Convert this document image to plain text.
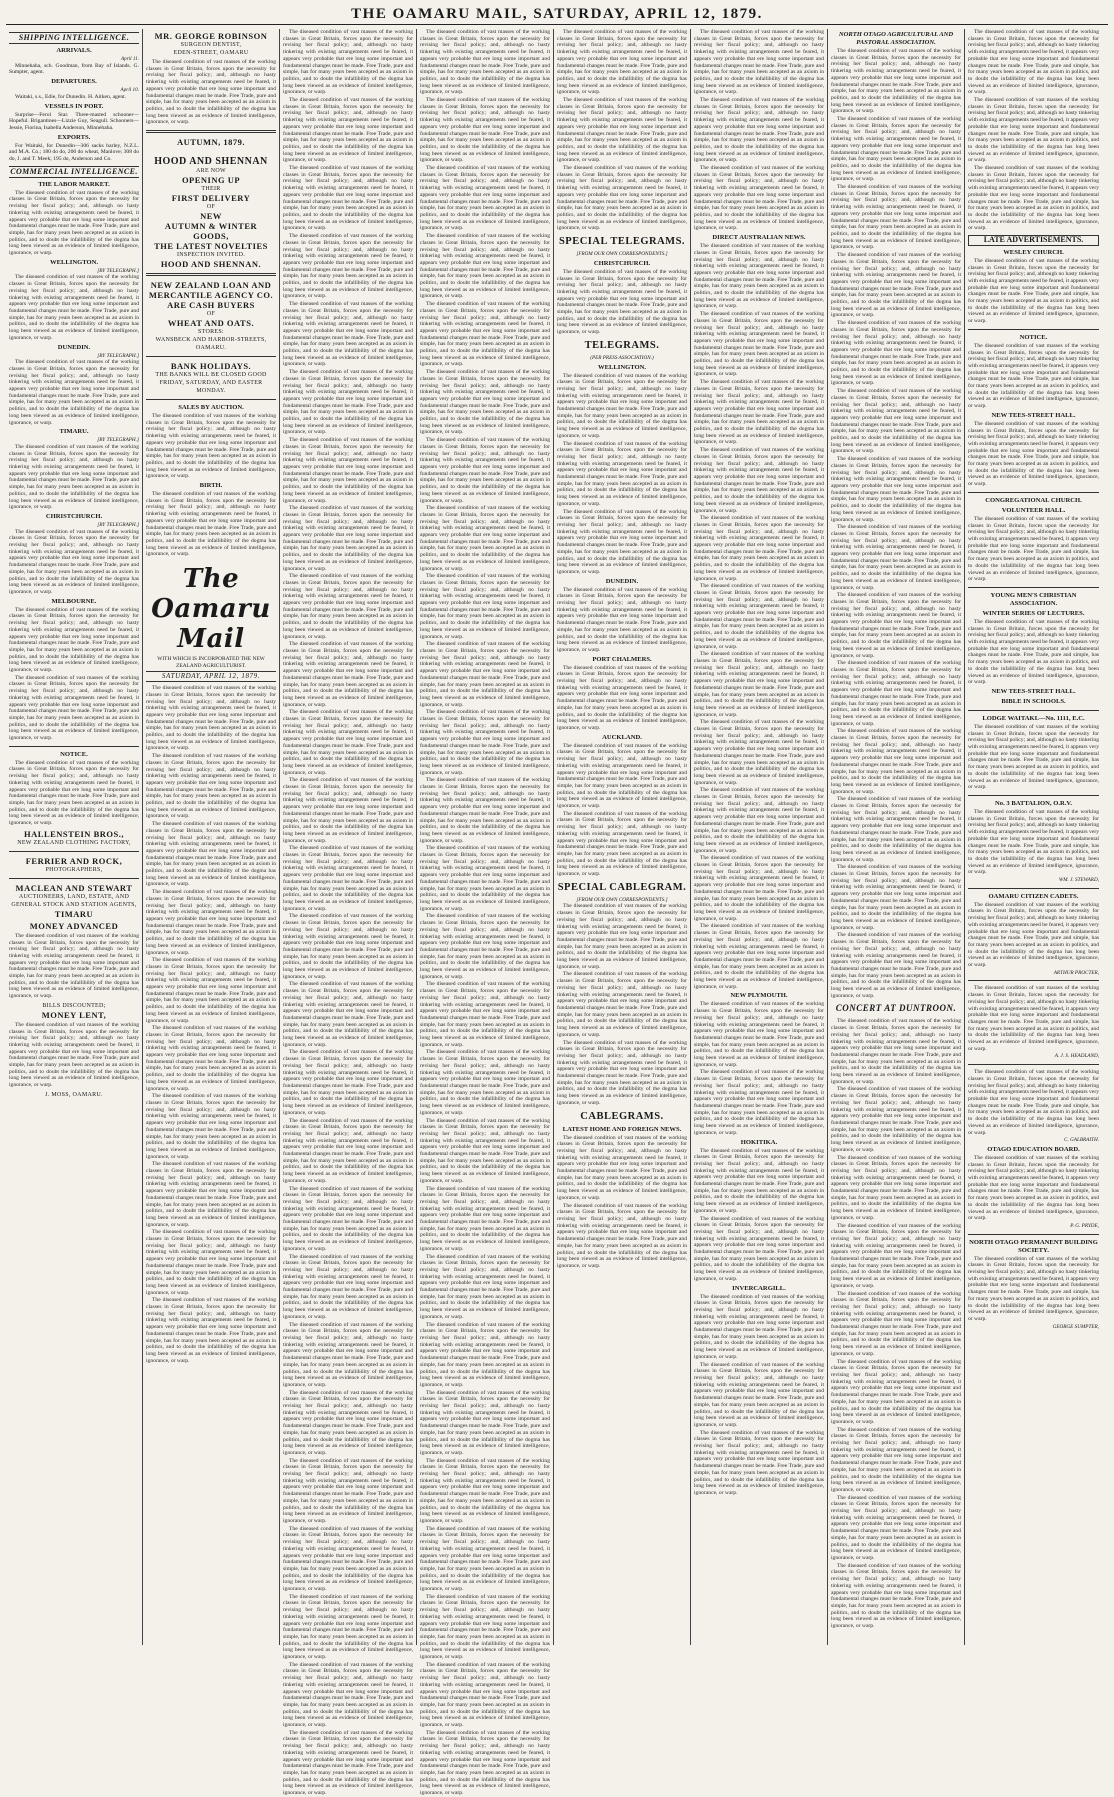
THE OAMARU MAIL, SATURDAY, APRIL 12, 1879.
SHIPPING INTELLIGENCE.
ARRIVALS.
April 11.
Minnehaha, sch. Goodman, from Bay of Islands. G. Sumpter, agent.
DEPARTURES.
April 10.
Waitaki, s.s., Edie, for Dunedin. H. Aitken, agent.
VESSELS IN PORT.
Surprise—Ferol Star. Three-masted schooner—Hopeful. Brigantines—Lizzie Guy, Seagull. Schooners—Jessie, Fiorina, Isabella Anderson, Minnehaha.
EXPORTS.
For Waitaki, for Dunedin—306 sacks barley, N.Z.L. and M.A. Co.; 180 do do, 200 do wheat, Manlove; 308 do do, J. and T. Meek; 195 do, Anderson and Co.
COMMERCIAL INTELLIGENCE.
THE LABOR MARKET.
The diseased condition of vast masses of the working classes in Great Britain, forces upon the necessity for revising her fiscal policy; and, although no hasty tinkering with existing arrangements need be feared, it appears very probable that ere long some important and fundamental changes must be made. Free Trade, pure and simple, has for many years been accepted as an axiom in politics, and to doubt the infallibility of the dogma has long been viewed as an evidence of limited intelligence, ignorance, or warp.
WELLINGTON.
[BY TELEGRAPH.]
The diseased condition of vast masses of the working classes in Great Britain, forces upon the necessity for revising her fiscal policy; and, although no hasty tinkering with existing arrangements need be feared, it appears very probable that ere long some important and fundamental changes must be made. Free Trade, pure and simple, has for many years been accepted as an axiom in politics, and to doubt the infallibility of the dogma has long been viewed as an evidence of limited intelligence, ignorance, or warp.
DUNEDIN.
[BY TELEGRAPH.]
The diseased condition of vast masses of the working classes in Great Britain, forces upon the necessity for revising her fiscal policy; and, although no hasty tinkering with existing arrangements need be feared, it appears very probable that ere long some important and fundamental changes must be made. Free Trade, pure and simple, has for many years been accepted as an axiom in politics, and to doubt the infallibility of the dogma has long been viewed as an evidence of limited intelligence, ignorance, or warp.
TIMARU.
[BY TELEGRAPH.]
The diseased condition of vast masses of the working classes in Great Britain, forces upon the necessity for revising her fiscal policy; and, although no hasty tinkering with existing arrangements need be feared, it appears very probable that ere long some important and fundamental changes must be made. Free Trade, pure and simple, has for many years been accepted as an axiom in politics, and to doubt the infallibility of the dogma has long been viewed as an evidence of limited intelligence, ignorance, or warp.
CHRISTCHURCH.
[BY TELEGRAPH.]
The diseased condition of vast masses of the working classes in Great Britain, forces upon the necessity for revising her fiscal policy; and, although no hasty tinkering with existing arrangements need be feared, it appears very probable that ere long some important and fundamental changes must be made. Free Trade, pure and simple, has for many years been accepted as an axiom in politics, and to doubt the infallibility of the dogma has long been viewed as an evidence of limited intelligence, ignorance, or warp.
MELBOURNE.
The diseased condition of vast masses of the working classes in Great Britain, forces upon the necessity for revising her fiscal policy; and, although no hasty tinkering with existing arrangements need be feared, it appears very probable that ere long some important and fundamental changes must be made. Free Trade, pure and simple, has for many years been accepted as an axiom in politics, and to doubt the infallibility of the dogma has long been viewed as an evidence of limited intelligence, ignorance, or warp.
The diseased condition of vast masses of the working classes in Great Britain, forces upon the necessity for revising her fiscal policy; and, although no hasty tinkering with existing arrangements need be feared, it appears very probable that ere long some important and fundamental changes must be made. Free Trade, pure and simple, has for many years been accepted as an axiom in politics, and to doubt the infallibility of the dogma has long been viewed as an evidence of limited intelligence, ignorance, or warp.
NOTICE.
The diseased condition of vast masses of the working classes in Great Britain, forces upon the necessity for revising her fiscal policy; and, although no hasty tinkering with existing arrangements need be feared, it appears very probable that ere long some important and fundamental changes must be made. Free Trade, pure and simple, has for many years been accepted as an axiom in politics, and to doubt the infallibility of the dogma has long been viewed as an evidence of limited intelligence, ignorance, or warp.
HALLENSTEIN BROS.,
NEW ZEALAND CLOTHING FACTORY,
FERRIER AND ROCK,
PHOTOGRAPHERS,
MACLEAN AND STEWART
AUCTIONEERS, LAND, ESTATE, AND GENERAL STOCK AND STATION AGENTS,
TIMARU
MONEY ADVANCED
The diseased condition of vast masses of the working classes in Great Britain, forces upon the necessity for revising her fiscal policy; and, although no hasty tinkering with existing arrangements need be feared, it appears very probable that ere long some important and fundamental changes must be made. Free Trade, pure and simple, has for many years been accepted as an axiom in politics, and to doubt the infallibility of the dogma has long been viewed as an evidence of limited intelligence, ignorance, or warp.
BILLS DISCOUNTED;
MONEY LENT,
The diseased condition of vast masses of the working classes in Great Britain, forces upon the necessity for revising her fiscal policy; and, although no hasty tinkering with existing arrangements need be feared, it appears very probable that ere long some important and fundamental changes must be made. Free Trade, pure and simple, has for many years been accepted as an axiom in politics, and to doubt the infallibility of the dogma has long been viewed as an evidence of limited intelligence, ignorance, or warp.
J. MOSS, OAMARU.
MR. GEORGE ROBINSON
SURGEON DENTIST,
EDEN-STREET, OAMARU
The diseased condition of vast masses of the working classes in Great Britain, forces upon the necessity for revising her fiscal policy; and, although no hasty tinkering with existing arrangements need be feared, it appears very probable that ere long some important and fundamental changes must be made. Free Trade, pure and simple, has for many years been accepted as an axiom in politics, and to doubt the infallibility of the dogma has long been viewed as an evidence of limited intelligence, ignorance, or warp.
AUTUMN, 1879.
HOOD AND SHENNAN
ARE NOW
OPENING UP
THEIR
FIRST DELIVERY
OF
NEW
AUTUMN & WINTER GOODS,
THE LATEST NOVELTIES
INSPECTION INVITED.
HOOD AND SHENNAN.
NEW ZEALAND LOAN AND MERCANTILE AGENCY CO.
ARE CASH BUYERS
OF
WHEAT AND OATS.
STORES:
WANSBECK AND HARBOR-STREETS, OAMARU.
BANK HOLIDAYS.
THE BANKS WILL BE CLOSED GOOD FRIDAY, SATURDAY, AND EASTER MONDAY.
SALES BY AUCTION.
The diseased condition of vast masses of the working classes in Great Britain, forces upon the necessity for revising her fiscal policy; and, although no hasty tinkering with existing arrangements need be feared, it appears very probable that ere long some important and fundamental changes must be made. Free Trade, pure and simple, has for many years been accepted as an axiom in politics, and to doubt the infallibility of the dogma has long been viewed as an evidence of limited intelligence, ignorance, or warp.
BIRTH.
The diseased condition of vast masses of the working classes in Great Britain, forces upon the necessity for revising her fiscal policy; and, although no hasty tinkering with existing arrangements need be feared, it appears very probable that ere long some important and fundamental changes must be made. Free Trade, pure and simple, has for many years been accepted as an axiom in politics, and to doubt the infallibility of the dogma has long been viewed as an evidence of limited intelligence, ignorance, or warp.
The Oamaru Mail
WITH WHICH IS INCORPORATED THE NEW ZEALAND AGRICULTURIST.
SATURDAY, APRIL 12, 1879.
The diseased condition of vast masses of the working classes in Great Britain, forces upon the necessity for revising her fiscal policy; and, although no hasty tinkering with existing arrangements need be feared, it appears very probable that ere long some important and fundamental changes must be made. Free Trade, pure and simple, has for many years been accepted as an axiom in politics, and to doubt the infallibility of the dogma has long been viewed as an evidence of limited intelligence, ignorance, or warp.
The diseased condition of vast masses of the working classes in Great Britain, forces upon the necessity for revising her fiscal policy; and, although no hasty tinkering with existing arrangements need be feared, it appears very probable that ere long some important and fundamental changes must be made. Free Trade, pure and simple, has for many years been accepted as an axiom in politics, and to doubt the infallibility of the dogma has long been viewed as an evidence of limited intelligence, ignorance, or warp.
The diseased condition of vast masses of the working classes in Great Britain, forces upon the necessity for revising her fiscal policy; and, although no hasty tinkering with existing arrangements need be feared, it appears very probable that ere long some important and fundamental changes must be made. Free Trade, pure and simple, has for many years been accepted as an axiom in politics, and to doubt the infallibility of the dogma has long been viewed as an evidence of limited intelligence, ignorance, or warp.
The diseased condition of vast masses of the working classes in Great Britain, forces upon the necessity for revising her fiscal policy; and, although no hasty tinkering with existing arrangements need be feared, it appears very probable that ere long some important and fundamental changes must be made. Free Trade, pure and simple, has for many years been accepted as an axiom in politics, and to doubt the infallibility of the dogma has long been viewed as an evidence of limited intelligence, ignorance, or warp.
The diseased condition of vast masses of the working classes in Great Britain, forces upon the necessity for revising her fiscal policy; and, although no hasty tinkering with existing arrangements need be feared, it appears very probable that ere long some important and fundamental changes must be made. Free Trade, pure and simple, has for many years been accepted as an axiom in politics, and to doubt the infallibility of the dogma has long been viewed as an evidence of limited intelligence, ignorance, or warp.
The diseased condition of vast masses of the working classes in Great Britain, forces upon the necessity for revising her fiscal policy; and, although no hasty tinkering with existing arrangements need be feared, it appears very probable that ere long some important and fundamental changes must be made. Free Trade, pure and simple, has for many years been accepted as an axiom in politics, and to doubt the infallibility of the dogma has long been viewed as an evidence of limited intelligence, ignorance, or warp.
The diseased condition of vast masses of the working classes in Great Britain, forces upon the necessity for revising her fiscal policy; and, although no hasty tinkering with existing arrangements need be feared, it appears very probable that ere long some important and fundamental changes must be made. Free Trade, pure and simple, has for many years been accepted as an axiom in politics, and to doubt the infallibility of the dogma has long been viewed as an evidence of limited intelligence, ignorance, or warp.
The diseased condition of vast masses of the working classes in Great Britain, forces upon the necessity for revising her fiscal policy; and, although no hasty tinkering with existing arrangements need be feared, it appears very probable that ere long some important and fundamental changes must be made. Free Trade, pure and simple, has for many years been accepted as an axiom in politics, and to doubt the infallibility of the dogma has long been viewed as an evidence of limited intelligence, ignorance, or warp.
The diseased condition of vast masses of the working classes in Great Britain, forces upon the necessity for revising her fiscal policy; and, although no hasty tinkering with existing arrangements need be feared, it appears very probable that ere long some important and fundamental changes must be made. Free Trade, pure and simple, has for many years been accepted as an axiom in politics, and to doubt the infallibility of the dogma has long been viewed as an evidence of limited intelligence, ignorance, or warp.
The diseased condition of vast masses of the working classes in Great Britain, forces upon the necessity for revising her fiscal policy; and, although no hasty tinkering with existing arrangements need be feared, it appears very probable that ere long some important and fundamental changes must be made. Free Trade, pure and simple, has for many years been accepted as an axiom in politics, and to doubt the infallibility of the dogma has long been viewed as an evidence of limited intelligence, ignorance, or warp.
The diseased condition of vast masses of the working classes in Great Britain, forces upon the necessity for revising her fiscal policy; and, although no hasty tinkering with existing arrangements need be feared, it appears very probable that ere long some important and fundamental changes must be made. Free Trade, pure and simple, has for many years been accepted as an axiom in politics, and to doubt the infallibility of the dogma has long been viewed as an evidence of limited intelligence, ignorance, or warp.
The diseased condition of vast masses of the working classes in Great Britain, forces upon the necessity for revising her fiscal policy; and, although no hasty tinkering with existing arrangements need be feared, it appears very probable that ere long some important and fundamental changes must be made. Free Trade, pure and simple, has for many years been accepted as an axiom in politics, and to doubt the infallibility of the dogma has long been viewed as an evidence of limited intelligence, ignorance, or warp.
The diseased condition of vast masses of the working classes in Great Britain, forces upon the necessity for revising her fiscal policy; and, although no hasty tinkering with existing arrangements need be feared, it appears very probable that ere long some important and fundamental changes must be made. Free Trade, pure and simple, has for many years been accepted as an axiom in politics, and to doubt the infallibility of the dogma has long been viewed as an evidence of limited intelligence, ignorance, or warp.
The diseased condition of vast masses of the working classes in Great Britain, forces upon the necessity for revising her fiscal policy; and, although no hasty tinkering with existing arrangements need be feared, it appears very probable that ere long some important and fundamental changes must be made. Free Trade, pure and simple, has for many years been accepted as an axiom in politics, and to doubt the infallibility of the dogma has long been viewed as an evidence of limited intelligence, ignorance, or warp.
The diseased condition of vast masses of the working classes in Great Britain, forces upon the necessity for revising her fiscal policy; and, although no hasty tinkering with existing arrangements need be feared, it appears very probable that ere long some important and fundamental changes must be made. Free Trade, pure and simple, has for many years been accepted as an axiom in politics, and to doubt the infallibility of the dogma has long been viewed as an evidence of limited intelligence, ignorance, or warp.
The diseased condition of vast masses of the working classes in Great Britain, forces upon the necessity for revising her fiscal policy; and, although no hasty tinkering with existing arrangements need be feared, it appears very probable that ere long some important and fundamental changes must be made. Free Trade, pure and simple, has for many years been accepted as an axiom in politics, and to doubt the infallibility of the dogma has long been viewed as an evidence of limited intelligence, ignorance, or warp.
The diseased condition of vast masses of the working classes in Great Britain, forces upon the necessity for revising her fiscal policy; and, although no hasty tinkering with existing arrangements need be feared, it appears very probable that ere long some important and fundamental changes must be made. Free Trade, pure and simple, has for many years been accepted as an axiom in politics, and to doubt the infallibility of the dogma has long been viewed as an evidence of limited intelligence, ignorance, or warp.
The diseased condition of vast masses of the working classes in Great Britain, forces upon the necessity for revising her fiscal policy; and, although no hasty tinkering with existing arrangements need be feared, it appears very probable that ere long some important and fundamental changes must be made. Free Trade, pure and simple, has for many years been accepted as an axiom in politics, and to doubt the infallibility of the dogma has long been viewed as an evidence of limited intelligence, ignorance, or warp.
The diseased condition of vast masses of the working classes in Great Britain, forces upon the necessity for revising her fiscal policy; and, although no hasty tinkering with existing arrangements need be feared, it appears very probable that ere long some important and fundamental changes must be made. Free Trade, pure and simple, has for many years been accepted as an axiom in politics, and to doubt the infallibility of the dogma has long been viewed as an evidence of limited intelligence, ignorance, or warp.
The diseased condition of vast masses of the working classes in Great Britain, forces upon the necessity for revising her fiscal policy; and, although no hasty tinkering with existing arrangements need be feared, it appears very probable that ere long some important and fundamental changes must be made. Free Trade, pure and simple, has for many years been accepted as an axiom in politics, and to doubt the infallibility of the dogma has long been viewed as an evidence of limited intelligence, ignorance, or warp.
The diseased condition of vast masses of the working classes in Great Britain, forces upon the necessity for revising her fiscal policy; and, although no hasty tinkering with existing arrangements need be feared, it appears very probable that ere long some important and fundamental changes must be made. Free Trade, pure and simple, has for many years been accepted as an axiom in politics, and to doubt the infallibility of the dogma has long been viewed as an evidence of limited intelligence, ignorance, or warp.
The diseased condition of vast masses of the working classes in Great Britain, forces upon the necessity for revising her fiscal policy; and, although no hasty tinkering with existing arrangements need be feared, it appears very probable that ere long some important and fundamental changes must be made. Free Trade, pure and simple, has for many years been accepted as an axiom in politics, and to doubt the infallibility of the dogma has long been viewed as an evidence of limited intelligence, ignorance, or warp.
The diseased condition of vast masses of the working classes in Great Britain, forces upon the necessity for revising her fiscal policy; and, although no hasty tinkering with existing arrangements need be feared, it appears very probable that ere long some important and fundamental changes must be made. Free Trade, pure and simple, has for many years been accepted as an axiom in politics, and to doubt the infallibility of the dogma has long been viewed as an evidence of limited intelligence, ignorance, or warp.
The diseased condition of vast masses of the working classes in Great Britain, forces upon the necessity for revising her fiscal policy; and, although no hasty tinkering with existing arrangements need be feared, it appears very probable that ere long some important and fundamental changes must be made. Free Trade, pure and simple, has for many years been accepted as an axiom in politics, and to doubt the infallibility of the dogma has long been viewed as an evidence of limited intelligence, ignorance, or warp.
The diseased condition of vast masses of the working classes in Great Britain, forces upon the necessity for revising her fiscal policy; and, although no hasty tinkering with existing arrangements need be feared, it appears very probable that ere long some important and fundamental changes must be made. Free Trade, pure and simple, has for many years been accepted as an axiom in politics, and to doubt the infallibility of the dogma has long been viewed as an evidence of limited intelligence, ignorance, or warp.
The diseased condition of vast masses of the working classes in Great Britain, forces upon the necessity for revising her fiscal policy; and, although no hasty tinkering with existing arrangements need be feared, it appears very probable that ere long some important and fundamental changes must be made. Free Trade, pure and simple, has for many years been accepted as an axiom in politics, and to doubt the infallibility of the dogma has long been viewed as an evidence of limited intelligence, ignorance, or warp.
The diseased condition of vast masses of the working classes in Great Britain, forces upon the necessity for revising her fiscal policy; and, although no hasty tinkering with existing arrangements need be feared, it appears very probable that ere long some important and fundamental changes must be made. Free Trade, pure and simple, has for many years been accepted as an axiom in politics, and to doubt the infallibility of the dogma has long been viewed as an evidence of limited intelligence, ignorance, or warp.
The diseased condition of vast masses of the working classes in Great Britain, forces upon the necessity for revising her fiscal policy; and, although no hasty tinkering with existing arrangements need be feared, it appears very probable that ere long some important and fundamental changes must be made. Free Trade, pure and simple, has for many years been accepted as an axiom in politics, and to doubt the infallibility of the dogma has long been viewed as an evidence of limited intelligence, ignorance, or warp.
The diseased condition of vast masses of the working classes in Great Britain, forces upon the necessity for revising her fiscal policy; and, although no hasty tinkering with existing arrangements need be feared, it appears very probable that ere long some important and fundamental changes must be made. Free Trade, pure and simple, has for many years been accepted as an axiom in politics, and to doubt the infallibility of the dogma has long been viewed as an evidence of limited intelligence, ignorance, or warp.
The diseased condition of vast masses of the working classes in Great Britain, forces upon the necessity for revising her fiscal policy; and, although no hasty tinkering with existing arrangements need be feared, it appears very probable that ere long some important and fundamental changes must be made. Free Trade, pure and simple, has for many years been accepted as an axiom in politics, and to doubt the infallibility of the dogma has long been viewed as an evidence of limited intelligence, ignorance, or warp.
The diseased condition of vast masses of the working classes in Great Britain, forces upon the necessity for revising her fiscal policy; and, although no hasty tinkering with existing arrangements need be feared, it appears very probable that ere long some important and fundamental changes must be made. Free Trade, pure and simple, has for many years been accepted as an axiom in politics, and to doubt the infallibility of the dogma has long been viewed as an evidence of limited intelligence, ignorance, or warp.
The diseased condition of vast masses of the working classes in Great Britain, forces upon the necessity for revising her fiscal policy; and, although no hasty tinkering with existing arrangements need be feared, it appears very probable that ere long some important and fundamental changes must be made. Free Trade, pure and simple, has for many years been accepted as an axiom in politics, and to doubt the infallibility of the dogma has long been viewed as an evidence of limited intelligence, ignorance, or warp.
The diseased condition of vast masses of the working classes in Great Britain, forces upon the necessity for revising her fiscal policy; and, although no hasty tinkering with existing arrangements need be feared, it appears very probable that ere long some important and fundamental changes must be made. Free Trade, pure and simple, has for many years been accepted as an axiom in politics, and to doubt the infallibility of the dogma has long been viewed as an evidence of limited intelligence, ignorance, or warp.
The diseased condition of vast masses of the working classes in Great Britain, forces upon the necessity for revising her fiscal policy; and, although no hasty tinkering with existing arrangements need be feared, it appears very probable that ere long some important and fundamental changes must be made. Free Trade, pure and simple, has for many years been accepted as an axiom in politics, and to doubt the infallibility of the dogma has long been viewed as an evidence of limited intelligence, ignorance, or warp.
The diseased condition of vast masses of the working classes in Great Britain, forces upon the necessity for revising her fiscal policy; and, although no hasty tinkering with existing arrangements need be feared, it appears very probable that ere long some important and fundamental changes must be made. Free Trade, pure and simple, has for many years been accepted as an axiom in politics, and to doubt the infallibility of the dogma has long been viewed as an evidence of limited intelligence, ignorance, or warp.
The diseased condition of vast masses of the working classes in Great Britain, forces upon the necessity for revising her fiscal policy; and, although no hasty tinkering with existing arrangements need be feared, it appears very probable that ere long some important and fundamental changes must be made. Free Trade, pure and simple, has for many years been accepted as an axiom in politics, and to doubt the infallibility of the dogma has long been viewed as an evidence of limited intelligence, ignorance, or warp.
The diseased condition of vast masses of the working classes in Great Britain, forces upon the necessity for revising her fiscal policy; and, although no hasty tinkering with existing arrangements need be feared, it appears very probable that ere long some important and fundamental changes must be made. Free Trade, pure and simple, has for many years been accepted as an axiom in politics, and to doubt the infallibility of the dogma has long been viewed as an evidence of limited intelligence, ignorance, or warp.
The diseased condition of vast masses of the working classes in Great Britain, forces upon the necessity for revising her fiscal policy; and, although no hasty tinkering with existing arrangements need be feared, it appears very probable that ere long some important and fundamental changes must be made. Free Trade, pure and simple, has for many years been accepted as an axiom in politics, and to doubt the infallibility of the dogma has long been viewed as an evidence of limited intelligence, ignorance, or warp.
The diseased condition of vast masses of the working classes in Great Britain, forces upon the necessity for revising her fiscal policy; and, although no hasty tinkering with existing arrangements need be feared, it appears very probable that ere long some important and fundamental changes must be made. Free Trade, pure and simple, has for many years been accepted as an axiom in politics, and to doubt the infallibility of the dogma has long been viewed as an evidence of limited intelligence, ignorance, or warp.
The diseased condition of vast masses of the working classes in Great Britain, forces upon the necessity for revising her fiscal policy; and, although no hasty tinkering with existing arrangements need be feared, it appears very probable that ere long some important and fundamental changes must be made. Free Trade, pure and simple, has for many years been accepted as an axiom in politics, and to doubt the infallibility of the dogma has long been viewed as an evidence of limited intelligence, ignorance, or warp.
The diseased condition of vast masses of the working classes in Great Britain, forces upon the necessity for revising her fiscal policy; and, although no hasty tinkering with existing arrangements need be feared, it appears very probable that ere long some important and fundamental changes must be made. Free Trade, pure and simple, has for many years been accepted as an axiom in politics, and to doubt the infallibility of the dogma has long been viewed as an evidence of limited intelligence, ignorance, or warp.
The diseased condition of vast masses of the working classes in Great Britain, forces upon the necessity for revising her fiscal policy; and, although no hasty tinkering with existing arrangements need be feared, it appears very probable that ere long some important and fundamental changes must be made. Free Trade, pure and simple, has for many years been accepted as an axiom in politics, and to doubt the infallibility of the dogma has long been viewed as an evidence of limited intelligence, ignorance, or warp.
The diseased condition of vast masses of the working classes in Great Britain, forces upon the necessity for revising her fiscal policy; and, although no hasty tinkering with existing arrangements need be feared, it appears very probable that ere long some important and fundamental changes must be made. Free Trade, pure and simple, has for many years been accepted as an axiom in politics, and to doubt the infallibility of the dogma has long been viewed as an evidence of limited intelligence, ignorance, or warp.
The diseased condition of vast masses of the working classes in Great Britain, forces upon the necessity for revising her fiscal policy; and, although no hasty tinkering with existing arrangements need be feared, it appears very probable that ere long some important and fundamental changes must be made. Free Trade, pure and simple, has for many years been accepted as an axiom in politics, and to doubt the infallibility of the dogma has long been viewed as an evidence of limited intelligence, ignorance, or warp.
The diseased condition of vast masses of the working classes in Great Britain, forces upon the necessity for revising her fiscal policy; and, although no hasty tinkering with existing arrangements need be feared, it appears very probable that ere long some important and fundamental changes must be made. Free Trade, pure and simple, has for many years been accepted as an axiom in politics, and to doubt the infallibility of the dogma has long been viewed as an evidence of limited intelligence, ignorance, or warp.
The diseased condition of vast masses of the working classes in Great Britain, forces upon the necessity for revising her fiscal policy; and, although no hasty tinkering with existing arrangements need be feared, it appears very probable that ere long some important and fundamental changes must be made. Free Trade, pure and simple, has for many years been accepted as an axiom in politics, and to doubt the infallibility of the dogma has long been viewed as an evidence of limited intelligence, ignorance, or warp.
The diseased condition of vast masses of the working classes in Great Britain, forces upon the necessity for revising her fiscal policy; and, although no hasty tinkering with existing arrangements need be feared, it appears very probable that ere long some important and fundamental changes must be made. Free Trade, pure and simple, has for many years been accepted as an axiom in politics, and to doubt the infallibility of the dogma has long been viewed as an evidence of limited intelligence, ignorance, or warp.
The diseased condition of vast masses of the working classes in Great Britain, forces upon the necessity for revising her fiscal policy; and, although no hasty tinkering with existing arrangements need be feared, it appears very probable that ere long some important and fundamental changes must be made. Free Trade, pure and simple, has for many years been accepted as an axiom in politics, and to doubt the infallibility of the dogma has long been viewed as an evidence of limited intelligence, ignorance, or warp.
The diseased condition of vast masses of the working classes in Great Britain, forces upon the necessity for revising her fiscal policy; and, although no hasty tinkering with existing arrangements need be feared, it appears very probable that ere long some important and fundamental changes must be made. Free Trade, pure and simple, has for many years been accepted as an axiom in politics, and to doubt the infallibility of the dogma has long been viewed as an evidence of limited intelligence, ignorance, or warp.
The diseased condition of vast masses of the working classes in Great Britain, forces upon the necessity for revising her fiscal policy; and, although no hasty tinkering with existing arrangements need be feared, it appears very probable that ere long some important and fundamental changes must be made. Free Trade, pure and simple, has for many years been accepted as an axiom in politics, and to doubt the infallibility of the dogma has long been viewed as an evidence of limited intelligence, ignorance, or warp.
The diseased condition of vast masses of the working classes in Great Britain, forces upon the necessity for revising her fiscal policy; and, although no hasty tinkering with existing arrangements need be feared, it appears very probable that ere long some important and fundamental changes must be made. Free Trade, pure and simple, has for many years been accepted as an axiom in politics, and to doubt the infallibility of the dogma has long been viewed as an evidence of limited intelligence, ignorance, or warp.
The diseased condition of vast masses of the working classes in Great Britain, forces upon the necessity for revising her fiscal policy; and, although no hasty tinkering with existing arrangements need be feared, it appears very probable that ere long some important and fundamental changes must be made. Free Trade, pure and simple, has for many years been accepted as an axiom in politics, and to doubt the infallibility of the dogma has long been viewed as an evidence of limited intelligence, ignorance, or warp.
The diseased condition of vast masses of the working classes in Great Britain, forces upon the necessity for revising her fiscal policy; and, although no hasty tinkering with existing arrangements need be feared, it appears very probable that ere long some important and fundamental changes must be made. Free Trade, pure and simple, has for many years been accepted as an axiom in politics, and to doubt the infallibility of the dogma has long been viewed as an evidence of limited intelligence, ignorance, or warp.
The diseased condition of vast masses of the working classes in Great Britain, forces upon the necessity for revising her fiscal policy; and, although no hasty tinkering with existing arrangements need be feared, it appears very probable that ere long some important and fundamental changes must be made. Free Trade, pure and simple, has for many years been accepted as an axiom in politics, and to doubt the infallibility of the dogma has long been viewed as an evidence of limited intelligence, ignorance, or warp.
The diseased condition of vast masses of the working classes in Great Britain, forces upon the necessity for revising her fiscal policy; and, although no hasty tinkering with existing arrangements need be feared, it appears very probable that ere long some important and fundamental changes must be made. Free Trade, pure and simple, has for many years been accepted as an axiom in politics, and to doubt the infallibility of the dogma has long been viewed as an evidence of limited intelligence, ignorance, or warp.
The diseased condition of vast masses of the working classes in Great Britain, forces upon the necessity for revising her fiscal policy; and, although no hasty tinkering with existing arrangements need be feared, it appears very probable that ere long some important and fundamental changes must be made. Free Trade, pure and simple, has for many years been accepted as an axiom in politics, and to doubt the infallibility of the dogma has long been viewed as an evidence of limited intelligence, ignorance, or warp.
The diseased condition of vast masses of the working classes in Great Britain, forces upon the necessity for revising her fiscal policy; and, although no hasty tinkering with existing arrangements need be feared, it appears very probable that ere long some important and fundamental changes must be made. Free Trade, pure and simple, has for many years been accepted as an axiom in politics, and to doubt the infallibility of the dogma has long been viewed as an evidence of limited intelligence, ignorance, or warp.
The diseased condition of vast masses of the working classes in Great Britain, forces upon the necessity for revising her fiscal policy; and, although no hasty tinkering with existing arrangements need be feared, it appears very probable that ere long some important and fundamental changes must be made. Free Trade, pure and simple, has for many years been accepted as an axiom in politics, and to doubt the infallibility of the dogma has long been viewed as an evidence of limited intelligence, ignorance, or warp.
The diseased condition of vast masses of the working classes in Great Britain, forces upon the necessity for revising her fiscal policy; and, although no hasty tinkering with existing arrangements need be feared, it appears very probable that ere long some important and fundamental changes must be made. Free Trade, pure and simple, has for many years been accepted as an axiom in politics, and to doubt the infallibility of the dogma has long been viewed as an evidence of limited intelligence, ignorance, or warp.
The diseased condition of vast masses of the working classes in Great Britain, forces upon the necessity for revising her fiscal policy; and, although no hasty tinkering with existing arrangements need be feared, it appears very probable that ere long some important and fundamental changes must be made. Free Trade, pure and simple, has for many years been accepted as an axiom in politics, and to doubt the infallibility of the dogma has long been viewed as an evidence of limited intelligence, ignorance, or warp.
The diseased condition of vast masses of the working classes in Great Britain, forces upon the necessity for revising her fiscal policy; and, although no hasty tinkering with existing arrangements need be feared, it appears very probable that ere long some important and fundamental changes must be made. Free Trade, pure and simple, has for many years been accepted as an axiom in politics, and to doubt the infallibility of the dogma has long been viewed as an evidence of limited intelligence, ignorance, or warp.
The diseased condition of vast masses of the working classes in Great Britain, forces upon the necessity for revising her fiscal policy; and, although no hasty tinkering with existing arrangements need be feared, it appears very probable that ere long some important and fundamental changes must be made. Free Trade, pure and simple, has for many years been accepted as an axiom in politics, and to doubt the infallibility of the dogma has long been viewed as an evidence of limited intelligence, ignorance, or warp.
The diseased condition of vast masses of the working classes in Great Britain, forces upon the necessity for revising her fiscal policy; and, although no hasty tinkering with existing arrangements need be feared, it appears very probable that ere long some important and fundamental changes must be made. Free Trade, pure and simple, has for many years been accepted as an axiom in politics, and to doubt the infallibility of the dogma has long been viewed as an evidence of limited intelligence, ignorance, or warp.
The diseased condition of vast masses of the working classes in Great Britain, forces upon the necessity for revising her fiscal policy; and, although no hasty tinkering with existing arrangements need be feared, it appears very probable that ere long some important and fundamental changes must be made. Free Trade, pure and simple, has for many years been accepted as an axiom in politics, and to doubt the infallibility of the dogma has long been viewed as an evidence of limited intelligence, ignorance, or warp.
The diseased condition of vast masses of the working classes in Great Britain, forces upon the necessity for revising her fiscal policy; and, although no hasty tinkering with existing arrangements need be feared, it appears very probable that ere long some important and fundamental changes must be made. Free Trade, pure and simple, has for many years been accepted as an axiom in politics, and to doubt the infallibility of the dogma has long been viewed as an evidence of limited intelligence, ignorance, or warp.
SPECIAL TELEGRAMS.
[FROM OUR OWN CORRESPONDENTS.]
CHRISTCHURCH.
The diseased condition of vast masses of the working classes in Great Britain, forces upon the necessity for revising her fiscal policy; and, although no hasty tinkering with existing arrangements need be feared, it appears very probable that ere long some important and fundamental changes must be made. Free Trade, pure and simple, has for many years been accepted as an axiom in politics, and to doubt the infallibility of the dogma has long been viewed as an evidence of limited intelligence, ignorance, or warp.
TELEGRAMS.
(PER PRESS ASSOCIATION.)
WELLINGTON.
The diseased condition of vast masses of the working classes in Great Britain, forces upon the necessity for revising her fiscal policy; and, although no hasty tinkering with existing arrangements need be feared, it appears very probable that ere long some important and fundamental changes must be made. Free Trade, pure and simple, has for many years been accepted as an axiom in politics, and to doubt the infallibility of the dogma has long been viewed as an evidence of limited intelligence, ignorance, or warp.
The diseased condition of vast masses of the working classes in Great Britain, forces upon the necessity for revising her fiscal policy; and, although no hasty tinkering with existing arrangements need be feared, it appears very probable that ere long some important and fundamental changes must be made. Free Trade, pure and simple, has for many years been accepted as an axiom in politics, and to doubt the infallibility of the dogma has long been viewed as an evidence of limited intelligence, ignorance, or warp.
The diseased condition of vast masses of the working classes in Great Britain, forces upon the necessity for revising her fiscal policy; and, although no hasty tinkering with existing arrangements need be feared, it appears very probable that ere long some important and fundamental changes must be made. Free Trade, pure and simple, has for many years been accepted as an axiom in politics, and to doubt the infallibility of the dogma has long been viewed as an evidence of limited intelligence, ignorance, or warp.
DUNEDIN.
The diseased condition of vast masses of the working classes in Great Britain, forces upon the necessity for revising her fiscal policy; and, although no hasty tinkering with existing arrangements need be feared, it appears very probable that ere long some important and fundamental changes must be made. Free Trade, pure and simple, has for many years been accepted as an axiom in politics, and to doubt the infallibility of the dogma has long been viewed as an evidence of limited intelligence, ignorance, or warp.
PORT CHALMERS.
The diseased condition of vast masses of the working classes in Great Britain, forces upon the necessity for revising her fiscal policy; and, although no hasty tinkering with existing arrangements need be feared, it appears very probable that ere long some important and fundamental changes must be made. Free Trade, pure and simple, has for many years been accepted as an axiom in politics, and to doubt the infallibility of the dogma has long been viewed as an evidence of limited intelligence, ignorance, or warp.
AUCKLAND.
The diseased condition of vast masses of the working classes in Great Britain, forces upon the necessity for revising her fiscal policy; and, although no hasty tinkering with existing arrangements need be feared, it appears very probable that ere long some important and fundamental changes must be made. Free Trade, pure and simple, has for many years been accepted as an axiom in politics, and to doubt the infallibility of the dogma has long been viewed as an evidence of limited intelligence, ignorance, or warp.
The diseased condition of vast masses of the working classes in Great Britain, forces upon the necessity for revising her fiscal policy; and, although no hasty tinkering with existing arrangements need be feared, it appears very probable that ere long some important and fundamental changes must be made. Free Trade, pure and simple, has for many years been accepted as an axiom in politics, and to doubt the infallibility of the dogma has long been viewed as an evidence of limited intelligence, ignorance, or warp.
SPECIAL CABLEGRAM.
[FROM OUR OWN CORRESPONDENTS.]
The diseased condition of vast masses of the working classes in Great Britain, forces upon the necessity for revising her fiscal policy; and, although no hasty tinkering with existing arrangements need be feared, it appears very probable that ere long some important and fundamental changes must be made. Free Trade, pure and simple, has for many years been accepted as an axiom in politics, and to doubt the infallibility of the dogma has long been viewed as an evidence of limited intelligence, ignorance, or warp.
The diseased condition of vast masses of the working classes in Great Britain, forces upon the necessity for revising her fiscal policy; and, although no hasty tinkering with existing arrangements need be feared, it appears very probable that ere long some important and fundamental changes must be made. Free Trade, pure and simple, has for many years been accepted as an axiom in politics, and to doubt the infallibility of the dogma has long been viewed as an evidence of limited intelligence, ignorance, or warp.
The diseased condition of vast masses of the working classes in Great Britain, forces upon the necessity for revising her fiscal policy; and, although no hasty tinkering with existing arrangements need be feared, it appears very probable that ere long some important and fundamental changes must be made. Free Trade, pure and simple, has for many years been accepted as an axiom in politics, and to doubt the infallibility of the dogma has long been viewed as an evidence of limited intelligence, ignorance, or warp.
CABLEGRAMS.
LATEST HOME AND FOREIGN NEWS.
The diseased condition of vast masses of the working classes in Great Britain, forces upon the necessity for revising her fiscal policy; and, although no hasty tinkering with existing arrangements need be feared, it appears very probable that ere long some important and fundamental changes must be made. Free Trade, pure and simple, has for many years been accepted as an axiom in politics, and to doubt the infallibility of the dogma has long been viewed as an evidence of limited intelligence, ignorance, or warp.
The diseased condition of vast masses of the working classes in Great Britain, forces upon the necessity for revising her fiscal policy; and, although no hasty tinkering with existing arrangements need be feared, it appears very probable that ere long some important and fundamental changes must be made. Free Trade, pure and simple, has for many years been accepted as an axiom in politics, and to doubt the infallibility of the dogma has long been viewed as an evidence of limited intelligence, ignorance, or warp.
The diseased condition of vast masses of the working classes in Great Britain, forces upon the necessity for revising her fiscal policy; and, although no hasty tinkering with existing arrangements need be feared, it appears very probable that ere long some important and fundamental changes must be made. Free Trade, pure and simple, has for many years been accepted as an axiom in politics, and to doubt the infallibility of the dogma has long been viewed as an evidence of limited intelligence, ignorance, or warp.
The diseased condition of vast masses of the working classes in Great Britain, forces upon the necessity for revising her fiscal policy; and, although no hasty tinkering with existing arrangements need be feared, it appears very probable that ere long some important and fundamental changes must be made. Free Trade, pure and simple, has for many years been accepted as an axiom in politics, and to doubt the infallibility of the dogma has long been viewed as an evidence of limited intelligence, ignorance, or warp.
The diseased condition of vast masses of the working classes in Great Britain, forces upon the necessity for revising her fiscal policy; and, although no hasty tinkering with existing arrangements need be feared, it appears very probable that ere long some important and fundamental changes must be made. Free Trade, pure and simple, has for many years been accepted as an axiom in politics, and to doubt the infallibility of the dogma has long been viewed as an evidence of limited intelligence, ignorance, or warp.
DIRECT AUSTRALIAN NEWS.
The diseased condition of vast masses of the working classes in Great Britain, forces upon the necessity for revising her fiscal policy; and, although no hasty tinkering with existing arrangements need be feared, it appears very probable that ere long some important and fundamental changes must be made. Free Trade, pure and simple, has for many years been accepted as an axiom in politics, and to doubt the infallibility of the dogma has long been viewed as an evidence of limited intelligence, ignorance, or warp.
The diseased condition of vast masses of the working classes in Great Britain, forces upon the necessity for revising her fiscal policy; and, although no hasty tinkering with existing arrangements need be feared, it appears very probable that ere long some important and fundamental changes must be made. Free Trade, pure and simple, has for many years been accepted as an axiom in politics, and to doubt the infallibility of the dogma has long been viewed as an evidence of limited intelligence, ignorance, or warp.
The diseased condition of vast masses of the working classes in Great Britain, forces upon the necessity for revising her fiscal policy; and, although no hasty tinkering with existing arrangements need be feared, it appears very probable that ere long some important and fundamental changes must be made. Free Trade, pure and simple, has for many years been accepted as an axiom in politics, and to doubt the infallibility of the dogma has long been viewed as an evidence of limited intelligence, ignorance, or warp.
The diseased condition of vast masses of the working classes in Great Britain, forces upon the necessity for revising her fiscal policy; and, although no hasty tinkering with existing arrangements need be feared, it appears very probable that ere long some important and fundamental changes must be made. Free Trade, pure and simple, has for many years been accepted as an axiom in politics, and to doubt the infallibility of the dogma has long been viewed as an evidence of limited intelligence, ignorance, or warp.
The diseased condition of vast masses of the working classes in Great Britain, forces upon the necessity for revising her fiscal policy; and, although no hasty tinkering with existing arrangements need be feared, it appears very probable that ere long some important and fundamental changes must be made. Free Trade, pure and simple, has for many years been accepted as an axiom in politics, and to doubt the infallibility of the dogma has long been viewed as an evidence of limited intelligence, ignorance, or warp.
The diseased condition of vast masses of the working classes in Great Britain, forces upon the necessity for revising her fiscal policy; and, although no hasty tinkering with existing arrangements need be feared, it appears very probable that ere long some important and fundamental changes must be made. Free Trade, pure and simple, has for many years been accepted as an axiom in politics, and to doubt the infallibility of the dogma has long been viewed as an evidence of limited intelligence, ignorance, or warp.
The diseased condition of vast masses of the working classes in Great Britain, forces upon the necessity for revising her fiscal policy; and, although no hasty tinkering with existing arrangements need be feared, it appears very probable that ere long some important and fundamental changes must be made. Free Trade, pure and simple, has for many years been accepted as an axiom in politics, and to doubt the infallibility of the dogma has long been viewed as an evidence of limited intelligence, ignorance, or warp.
The diseased condition of vast masses of the working classes in Great Britain, forces upon the necessity for revising her fiscal policy; and, although no hasty tinkering with existing arrangements need be feared, it appears very probable that ere long some important and fundamental changes must be made. Free Trade, pure and simple, has for many years been accepted as an axiom in politics, and to doubt the infallibility of the dogma has long been viewed as an evidence of limited intelligence, ignorance, or warp.
The diseased condition of vast masses of the working classes in Great Britain, forces upon the necessity for revising her fiscal policy; and, although no hasty tinkering with existing arrangements need be feared, it appears very probable that ere long some important and fundamental changes must be made. Free Trade, pure and simple, has for many years been accepted as an axiom in politics, and to doubt the infallibility of the dogma has long been viewed as an evidence of limited intelligence, ignorance, or warp.
The diseased condition of vast masses of the working classes in Great Britain, forces upon the necessity for revising her fiscal policy; and, although no hasty tinkering with existing arrangements need be feared, it appears very probable that ere long some important and fundamental changes must be made. Free Trade, pure and simple, has for many years been accepted as an axiom in politics, and to doubt the infallibility of the dogma has long been viewed as an evidence of limited intelligence, ignorance, or warp.
The diseased condition of vast masses of the working classes in Great Britain, forces upon the necessity for revising her fiscal policy; and, although no hasty tinkering with existing arrangements need be feared, it appears very probable that ere long some important and fundamental changes must be made. Free Trade, pure and simple, has for many years been accepted as an axiom in politics, and to doubt the infallibility of the dogma has long been viewed as an evidence of limited intelligence, ignorance, or warp.
NEW PLYMOUTH.
The diseased condition of vast masses of the working classes in Great Britain, forces upon the necessity for revising her fiscal policy; and, although no hasty tinkering with existing arrangements need be feared, it appears very probable that ere long some important and fundamental changes must be made. Free Trade, pure and simple, has for many years been accepted as an axiom in politics, and to doubt the infallibility of the dogma has long been viewed as an evidence of limited intelligence, ignorance, or warp.
The diseased condition of vast masses of the working classes in Great Britain, forces upon the necessity for revising her fiscal policy; and, although no hasty tinkering with existing arrangements need be feared, it appears very probable that ere long some important and fundamental changes must be made. Free Trade, pure and simple, has for many years been accepted as an axiom in politics, and to doubt the infallibility of the dogma has long been viewed as an evidence of limited intelligence, ignorance, or warp.
HOKITIKA.
The diseased condition of vast masses of the working classes in Great Britain, forces upon the necessity for revising her fiscal policy; and, although no hasty tinkering with existing arrangements need be feared, it appears very probable that ere long some important and fundamental changes must be made. Free Trade, pure and simple, has for many years been accepted as an axiom in politics, and to doubt the infallibility of the dogma has long been viewed as an evidence of limited intelligence, ignorance, or warp.
The diseased condition of vast masses of the working classes in Great Britain, forces upon the necessity for revising her fiscal policy; and, although no hasty tinkering with existing arrangements need be feared, it appears very probable that ere long some important and fundamental changes must be made. Free Trade, pure and simple, has for many years been accepted as an axiom in politics, and to doubt the infallibility of the dogma has long been viewed as an evidence of limited intelligence, ignorance, or warp.
INVERCARGILL.
The diseased condition of vast masses of the working classes in Great Britain, forces upon the necessity for revising her fiscal policy; and, although no hasty tinkering with existing arrangements need be feared, it appears very probable that ere long some important and fundamental changes must be made. Free Trade, pure and simple, has for many years been accepted as an axiom in politics, and to doubt the infallibility of the dogma has long been viewed as an evidence of limited intelligence, ignorance, or warp.
The diseased condition of vast masses of the working classes in Great Britain, forces upon the necessity for revising her fiscal policy; and, although no hasty tinkering with existing arrangements need be feared, it appears very probable that ere long some important and fundamental changes must be made. Free Trade, pure and simple, has for many years been accepted as an axiom in politics, and to doubt the infallibility of the dogma has long been viewed as an evidence of limited intelligence, ignorance, or warp.
The diseased condition of vast masses of the working classes in Great Britain, forces upon the necessity for revising her fiscal policy; and, although no hasty tinkering with existing arrangements need be feared, it appears very probable that ere long some important and fundamental changes must be made. Free Trade, pure and simple, has for many years been accepted as an axiom in politics, and to doubt the infallibility of the dogma has long been viewed as an evidence of limited intelligence, ignorance, or warp.
NORTH OTAGO AGRICULTURAL AND PASTORAL ASSOCIATION.
The diseased condition of vast masses of the working classes in Great Britain, forces upon the necessity for revising her fiscal policy; and, although no hasty tinkering with existing arrangements need be feared, it appears very probable that ere long some important and fundamental changes must be made. Free Trade, pure and simple, has for many years been accepted as an axiom in politics, and to doubt the infallibility of the dogma has long been viewed as an evidence of limited intelligence, ignorance, or warp.
The diseased condition of vast masses of the working classes in Great Britain, forces upon the necessity for revising her fiscal policy; and, although no hasty tinkering with existing arrangements need be feared, it appears very probable that ere long some important and fundamental changes must be made. Free Trade, pure and simple, has for many years been accepted as an axiom in politics, and to doubt the infallibility of the dogma has long been viewed as an evidence of limited intelligence, ignorance, or warp.
The diseased condition of vast masses of the working classes in Great Britain, forces upon the necessity for revising her fiscal policy; and, although no hasty tinkering with existing arrangements need be feared, it appears very probable that ere long some important and fundamental changes must be made. Free Trade, pure and simple, has for many years been accepted as an axiom in politics, and to doubt the infallibility of the dogma has long been viewed as an evidence of limited intelligence, ignorance, or warp.
The diseased condition of vast masses of the working classes in Great Britain, forces upon the necessity for revising her fiscal policy; and, although no hasty tinkering with existing arrangements need be feared, it appears very probable that ere long some important and fundamental changes must be made. Free Trade, pure and simple, has for many years been accepted as an axiom in politics, and to doubt the infallibility of the dogma has long been viewed as an evidence of limited intelligence, ignorance, or warp.
The diseased condition of vast masses of the working classes in Great Britain, forces upon the necessity for revising her fiscal policy; and, although no hasty tinkering with existing arrangements need be feared, it appears very probable that ere long some important and fundamental changes must be made. Free Trade, pure and simple, has for many years been accepted as an axiom in politics, and to doubt the infallibility of the dogma has long been viewed as an evidence of limited intelligence, ignorance, or warp.
The diseased condition of vast masses of the working classes in Great Britain, forces upon the necessity for revising her fiscal policy; and, although no hasty tinkering with existing arrangements need be feared, it appears very probable that ere long some important and fundamental changes must be made. Free Trade, pure and simple, has for many years been accepted as an axiom in politics, and to doubt the infallibility of the dogma has long been viewed as an evidence of limited intelligence, ignorance, or warp.
The diseased condition of vast masses of the working classes in Great Britain, forces upon the necessity for revising her fiscal policy; and, although no hasty tinkering with existing arrangements need be feared, it appears very probable that ere long some important and fundamental changes must be made. Free Trade, pure and simple, has for many years been accepted as an axiom in politics, and to doubt the infallibility of the dogma has long been viewed as an evidence of limited intelligence, ignorance, or warp.
The diseased condition of vast masses of the working classes in Great Britain, forces upon the necessity for revising her fiscal policy; and, although no hasty tinkering with existing arrangements need be feared, it appears very probable that ere long some important and fundamental changes must be made. Free Trade, pure and simple, has for many years been accepted as an axiom in politics, and to doubt the infallibility of the dogma has long been viewed as an evidence of limited intelligence, ignorance, or warp.
The diseased condition of vast masses of the working classes in Great Britain, forces upon the necessity for revising her fiscal policy; and, although no hasty tinkering with existing arrangements need be feared, it appears very probable that ere long some important and fundamental changes must be made. Free Trade, pure and simple, has for many years been accepted as an axiom in politics, and to doubt the infallibility of the dogma has long been viewed as an evidence of limited intelligence, ignorance, or warp.
The diseased condition of vast masses of the working classes in Great Britain, forces upon the necessity for revising her fiscal policy; and, although no hasty tinkering with existing arrangements need be feared, it appears very probable that ere long some important and fundamental changes must be made. Free Trade, pure and simple, has for many years been accepted as an axiom in politics, and to doubt the infallibility of the dogma has long been viewed as an evidence of limited intelligence, ignorance, or warp.
The diseased condition of vast masses of the working classes in Great Britain, forces upon the necessity for revising her fiscal policy; and, although no hasty tinkering with existing arrangements need be feared, it appears very probable that ere long some important and fundamental changes must be made. Free Trade, pure and simple, has for many years been accepted as an axiom in politics, and to doubt the infallibility of the dogma has long been viewed as an evidence of limited intelligence, ignorance, or warp.
The diseased condition of vast masses of the working classes in Great Britain, forces upon the necessity for revising her fiscal policy; and, although no hasty tinkering with existing arrangements need be feared, it appears very probable that ere long some important and fundamental changes must be made. Free Trade, pure and simple, has for many years been accepted as an axiom in politics, and to doubt the infallibility of the dogma has long been viewed as an evidence of limited intelligence, ignorance, or warp.
The diseased condition of vast masses of the working classes in Great Britain, forces upon the necessity for revising her fiscal policy; and, although no hasty tinkering with existing arrangements need be feared, it appears very probable that ere long some important and fundamental changes must be made. Free Trade, pure and simple, has for many years been accepted as an axiom in politics, and to doubt the infallibility of the dogma has long been viewed as an evidence of limited intelligence, ignorance, or warp.
The diseased condition of vast masses of the working classes in Great Britain, forces upon the necessity for revising her fiscal policy; and, although no hasty tinkering with existing arrangements need be feared, it appears very probable that ere long some important and fundamental changes must be made. Free Trade, pure and simple, has for many years been accepted as an axiom in politics, and to doubt the infallibility of the dogma has long been viewed as an evidence of limited intelligence, ignorance, or warp.
CONCERT AT DUNTROON.
The diseased condition of vast masses of the working classes in Great Britain, forces upon the necessity for revising her fiscal policy; and, although no hasty tinkering with existing arrangements need be feared, it appears very probable that ere long some important and fundamental changes must be made. Free Trade, pure and simple, has for many years been accepted as an axiom in politics, and to doubt the infallibility of the dogma has long been viewed as an evidence of limited intelligence, ignorance, or warp.
The diseased condition of vast masses of the working classes in Great Britain, forces upon the necessity for revising her fiscal policy; and, although no hasty tinkering with existing arrangements need be feared, it appears very probable that ere long some important and fundamental changes must be made. Free Trade, pure and simple, has for many years been accepted as an axiom in politics, and to doubt the infallibility of the dogma has long been viewed as an evidence of limited intelligence, ignorance, or warp.
The diseased condition of vast masses of the working classes in Great Britain, forces upon the necessity for revising her fiscal policy; and, although no hasty tinkering with existing arrangements need be feared, it appears very probable that ere long some important and fundamental changes must be made. Free Trade, pure and simple, has for many years been accepted as an axiom in politics, and to doubt the infallibility of the dogma has long been viewed as an evidence of limited intelligence, ignorance, or warp.
The diseased condition of vast masses of the working classes in Great Britain, forces upon the necessity for revising her fiscal policy; and, although no hasty tinkering with existing arrangements need be feared, it appears very probable that ere long some important and fundamental changes must be made. Free Trade, pure and simple, has for many years been accepted as an axiom in politics, and to doubt the infallibility of the dogma has long been viewed as an evidence of limited intelligence, ignorance, or warp.
The diseased condition of vast masses of the working classes in Great Britain, forces upon the necessity for revising her fiscal policy; and, although no hasty tinkering with existing arrangements need be feared, it appears very probable that ere long some important and fundamental changes must be made. Free Trade, pure and simple, has for many years been accepted as an axiom in politics, and to doubt the infallibility of the dogma has long been viewed as an evidence of limited intelligence, ignorance, or warp.
The diseased condition of vast masses of the working classes in Great Britain, forces upon the necessity for revising her fiscal policy; and, although no hasty tinkering with existing arrangements need be feared, it appears very probable that ere long some important and fundamental changes must be made. Free Trade, pure and simple, has for many years been accepted as an axiom in politics, and to doubt the infallibility of the dogma has long been viewed as an evidence of limited intelligence, ignorance, or warp.
The diseased condition of vast masses of the working classes in Great Britain, forces upon the necessity for revising her fiscal policy; and, although no hasty tinkering with existing arrangements need be feared, it appears very probable that ere long some important and fundamental changes must be made. Free Trade, pure and simple, has for many years been accepted as an axiom in politics, and to doubt the infallibility of the dogma has long been viewed as an evidence of limited intelligence, ignorance, or warp.
The diseased condition of vast masses of the working classes in Great Britain, forces upon the necessity for revising her fiscal policy; and, although no hasty tinkering with existing arrangements need be feared, it appears very probable that ere long some important and fundamental changes must be made. Free Trade, pure and simple, has for many years been accepted as an axiom in politics, and to doubt the infallibility of the dogma has long been viewed as an evidence of limited intelligence, ignorance, or warp.
The diseased condition of vast masses of the working classes in Great Britain, forces upon the necessity for revising her fiscal policy; and, although no hasty tinkering with existing arrangements need be feared, it appears very probable that ere long some important and fundamental changes must be made. Free Trade, pure and simple, has for many years been accepted as an axiom in politics, and to doubt the infallibility of the dogma has long been viewed as an evidence of limited intelligence, ignorance, or warp.
The diseased condition of vast masses of the working classes in Great Britain, forces upon the necessity for revising her fiscal policy; and, although no hasty tinkering with existing arrangements need be feared, it appears very probable that ere long some important and fundamental changes must be made. Free Trade, pure and simple, has for many years been accepted as an axiom in politics, and to doubt the infallibility of the dogma has long been viewed as an evidence of limited intelligence, ignorance, or warp.
The diseased condition of vast masses of the working classes in Great Britain, forces upon the necessity for revising her fiscal policy; and, although no hasty tinkering with existing arrangements need be feared, it appears very probable that ere long some important and fundamental changes must be made. Free Trade, pure and simple, has for many years been accepted as an axiom in politics, and to doubt the infallibility of the dogma has long been viewed as an evidence of limited intelligence, ignorance, or warp.
The diseased condition of vast masses of the working classes in Great Britain, forces upon the necessity for revising her fiscal policy; and, although no hasty tinkering with existing arrangements need be feared, it appears very probable that ere long some important and fundamental changes must be made. Free Trade, pure and simple, has for many years been accepted as an axiom in politics, and to doubt the infallibility of the dogma has long been viewed as an evidence of limited intelligence, ignorance, or warp.
LATE ADVERTISEMENTS.
WESLEY CHURCH.
The diseased condition of vast masses of the working classes in Great Britain, forces upon the necessity for revising her fiscal policy; and, although no hasty tinkering with existing arrangements need be feared, it appears very probable that ere long some important and fundamental changes must be made. Free Trade, pure and simple, has for many years been accepted as an axiom in politics, and to doubt the infallibility of the dogma has long been viewed as an evidence of limited intelligence, ignorance, or warp.
NOTICE.
The diseased condition of vast masses of the working classes in Great Britain, forces upon the necessity for revising her fiscal policy; and, although no hasty tinkering with existing arrangements need be feared, it appears very probable that ere long some important and fundamental changes must be made. Free Trade, pure and simple, has for many years been accepted as an axiom in politics, and to doubt the infallibility of the dogma has long been viewed as an evidence of limited intelligence, ignorance, or warp.
NEW TEES-STREET HALL.
The diseased condition of vast masses of the working classes in Great Britain, forces upon the necessity for revising her fiscal policy; and, although no hasty tinkering with existing arrangements need be feared, it appears very probable that ere long some important and fundamental changes must be made. Free Trade, pure and simple, has for many years been accepted as an axiom in politics, and to doubt the infallibility of the dogma has long been viewed as an evidence of limited intelligence, ignorance, or warp.
CONGREGATIONAL CHURCH.
VOLUNTEER HALL.
The diseased condition of vast masses of the working classes in Great Britain, forces upon the necessity for revising her fiscal policy; and, although no hasty tinkering with existing arrangements need be feared, it appears very probable that ere long some important and fundamental changes must be made. Free Trade, pure and simple, has for many years been accepted as an axiom in politics, and to doubt the infallibility of the dogma has long been viewed as an evidence of limited intelligence, ignorance, or warp.
YOUNG MEN'S CHRISTIAN ASSOCIATION.
WINTER SERIES OF LECTURES.
The diseased condition of vast masses of the working classes in Great Britain, forces upon the necessity for revising her fiscal policy; and, although no hasty tinkering with existing arrangements need be feared, it appears very probable that ere long some important and fundamental changes must be made. Free Trade, pure and simple, has for many years been accepted as an axiom in politics, and to doubt the infallibility of the dogma has long been viewed as an evidence of limited intelligence, ignorance, or warp.
NEW TEES-STREET HALL.
BIBLE IN SCHOOLS.
LODGE WAITAKI.—No. 1111, E.C.
The diseased condition of vast masses of the working classes in Great Britain, forces upon the necessity for revising her fiscal policy; and, although no hasty tinkering with existing arrangements need be feared, it appears very probable that ere long some important and fundamental changes must be made. Free Trade, pure and simple, has for many years been accepted as an axiom in politics, and to doubt the infallibility of the dogma has long been viewed as an evidence of limited intelligence, ignorance, or warp.
No. 3 BATTALION, O.R.V.
The diseased condition of vast masses of the working classes in Great Britain, forces upon the necessity for revising her fiscal policy; and, although no hasty tinkering with existing arrangements need be feared, it appears very probable that ere long some important and fundamental changes must be made. Free Trade, pure and simple, has for many years been accepted as an axiom in politics, and to doubt the infallibility of the dogma has long been viewed as an evidence of limited intelligence, ignorance, or warp.
WM. J. STEWARD,
OAMARU CITIZEN CADETS.
The diseased condition of vast masses of the working classes in Great Britain, forces upon the necessity for revising her fiscal policy; and, although no hasty tinkering with existing arrangements need be feared, it appears very probable that ere long some important and fundamental changes must be made. Free Trade, pure and simple, has for many years been accepted as an axiom in politics, and to doubt the infallibility of the dogma has long been viewed as an evidence of limited intelligence, ignorance, or warp.
ARTHUR PROCTER,
The diseased condition of vast masses of the working classes in Great Britain, forces upon the necessity for revising her fiscal policy; and, although no hasty tinkering with existing arrangements need be feared, it appears very probable that ere long some important and fundamental changes must be made. Free Trade, pure and simple, has for many years been accepted as an axiom in politics, and to doubt the infallibility of the dogma has long been viewed as an evidence of limited intelligence, ignorance, or warp.
A. J. S. HEADLAND,
The diseased condition of vast masses of the working classes in Great Britain, forces upon the necessity for revising her fiscal policy; and, although no hasty tinkering with existing arrangements need be feared, it appears very probable that ere long some important and fundamental changes must be made. Free Trade, pure and simple, has for many years been accepted as an axiom in politics, and to doubt the infallibility of the dogma has long been viewed as an evidence of limited intelligence, ignorance, or warp.
C. GALBRAITH.
OTAGO EDUCATION BOARD.
The diseased condition of vast masses of the working classes in Great Britain, forces upon the necessity for revising her fiscal policy; and, although no hasty tinkering with existing arrangements need be feared, it appears very probable that ere long some important and fundamental changes must be made. Free Trade, pure and simple, has for many years been accepted as an axiom in politics, and to doubt the infallibility of the dogma has long been viewed as an evidence of limited intelligence, ignorance, or warp.
P. G. PRYDE,
NORTH OTAGO PERMANENT BUILDING SOCIETY.
The diseased condition of vast masses of the working classes in Great Britain, forces upon the necessity for revising her fiscal policy; and, although no hasty tinkering with existing arrangements need be feared, it appears very probable that ere long some important and fundamental changes must be made. Free Trade, pure and simple, has for many years been accepted as an axiom in politics, and to doubt the infallibility of the dogma has long been viewed as an evidence of limited intelligence, ignorance, or warp.
GEORGE SUMPTER,
